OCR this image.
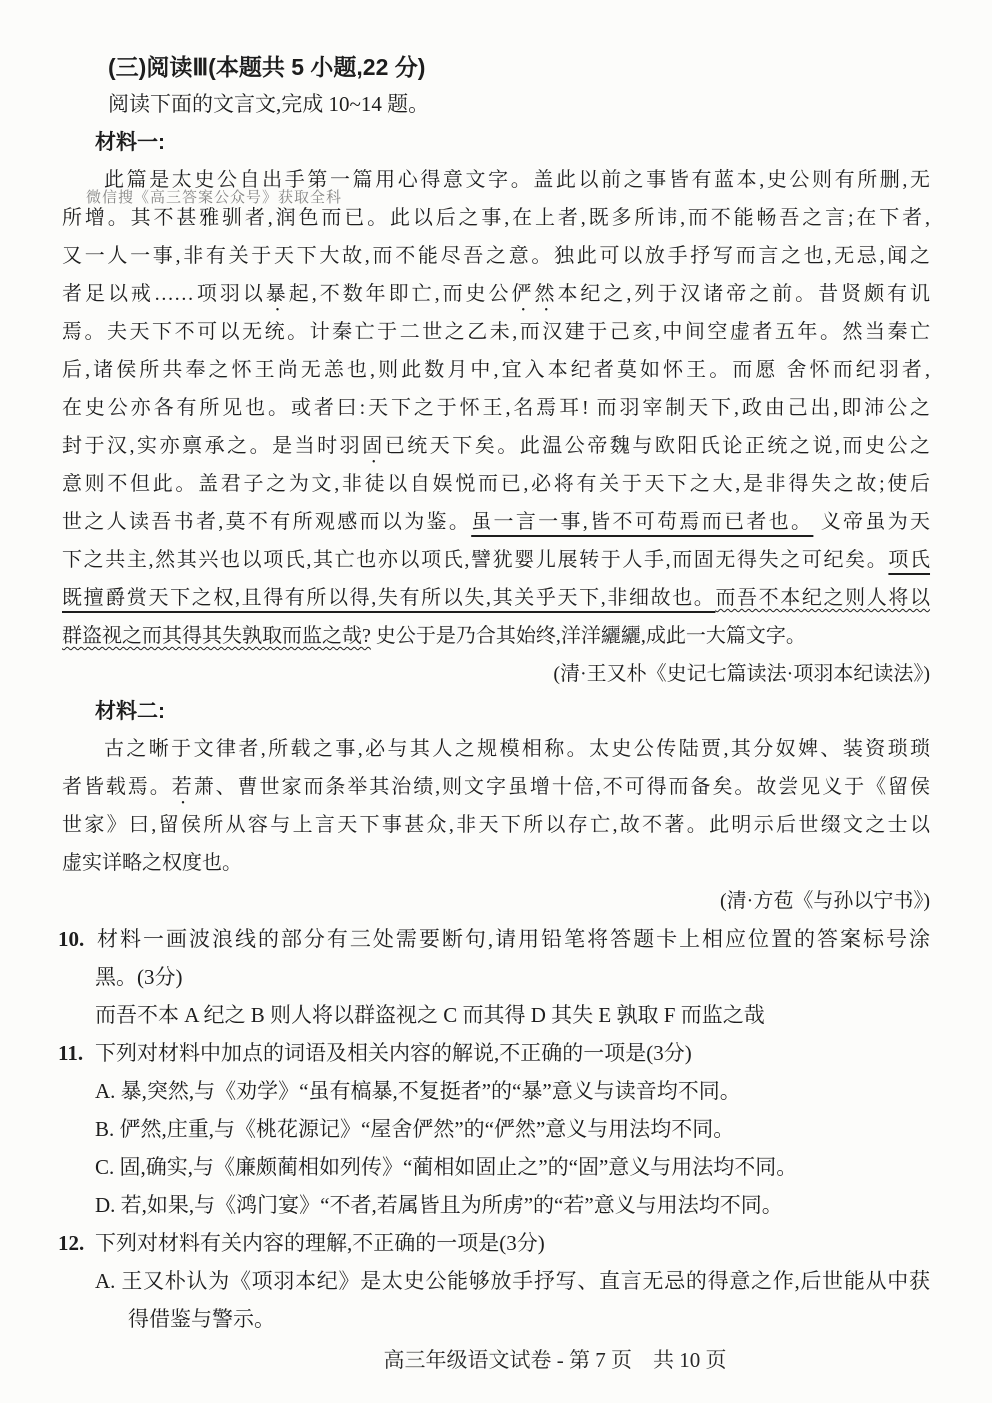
微信搜《高三答案公众号》获取全科
(三)阅读Ⅲ(本题共 5 小题,22 分)
阅读下面的文言文,完成 10~14 题。
材料一:
此篇是太史公自出手第一篇用心得意文字。盖此以前之事皆有蓝本,史公则有所删,无
所增。其不甚雅驯者,润色而已。此以后之事,在上者,既多所讳,而不能畅吾之言;在下者,
又一人一事,非有关于天下大故,而不能尽吾之意。独此可以放手抒写而言之也,无忌,闻之
者足以戒……项羽以暴起,不数年即亡,而史公俨然本纪之,列于汉诸帝之前。昔贤颇有讥
焉。夫天下不可以无统。计秦亡于二世之乙未,而汉建于己亥,中间空虚者五年。然当秦亡
后,诸侯所共奉之怀王尚无恙也,则此数月中,宜入本纪者莫如怀王。而愿 舍怀而纪羽者,
在史公亦各有所见也。或者曰:天下之于怀王,名焉耳! 而羽宰制天下,政由己出,即沛公之
封于汉,实亦禀承之。是当时羽固已统天下矣。此温公帝魏与欧阳氏论正统之说,而史公之
意则不但此。盖君子之为文,非徒以自娱悦而已,必将有关于天下之大,是非得失之故;使后
世之人读吾书者,莫不有所观感而以为鉴。虽一言一事,皆不可苟焉而已者也。 义帝虽为天
下之共主,然其兴也以项氏,其亡也亦以项氏,譬犹婴儿展转于人手,而固无得失之可纪矣。项氏
既擅爵赏天下之权,且得有所以得,失有所以失,其关乎天下,非细故也。而吾不本纪之则人将以
群盗视之而其得其失孰取而监之哉? 史公于是乃合其始终,洋洋纚纚,成此一大篇文字。
(清·王又朴《史记七篇读法·项羽本纪读法》)
材料二:
古之晰于文律者,所载之事,必与其人之规模相称。太史公传陆贾,其分奴婢、装资琐琐
者皆载焉。若萧、曹世家而条举其治绩,则文字虽增十倍,不可得而备矣。故尝见义于《留侯
世家》曰,留侯所从容与上言天下事甚众,非天下所以存亡,故不著。此明示后世缀文之士以
虚实详略之权度也。
(清·方苞《与孙以宁书》)
10. 材料一画波浪线的部分有三处需要断句,请用铅笔将答题卡上相应位置的答案标号涂
黑。(3分)
而吾不本 A 纪之 B 则人将以群盗视之 C 而其得 D 其失 E 孰取 F 而监之哉
11. 下列对材料中加点的词语及相关内容的解说,不正确的一项是(3分)
A. 暴,突然,与《劝学》“虽有槁暴,不复挺者”的“暴”意义与读音均不同。
B. 俨然,庄重,与《桃花源记》“屋舍俨然”的“俨然”意义与用法均不同。
C. 固,确实,与《廉颇蔺相如列传》“蔺相如固止之”的“固”意义与用法均不同。
D. 若,如果,与《鸿门宴》“不者,若属皆且为所虏”的“若”意义与用法均不同。
12. 下列对材料有关内容的理解,不正确的一项是(3分)
A. 王又朴认为《项羽本纪》是太史公能够放手抒写、直言无忌的得意之作,后世能从中获
得借鉴与警示。
高三年级语文试卷 - 第 7 页　共 10 页
